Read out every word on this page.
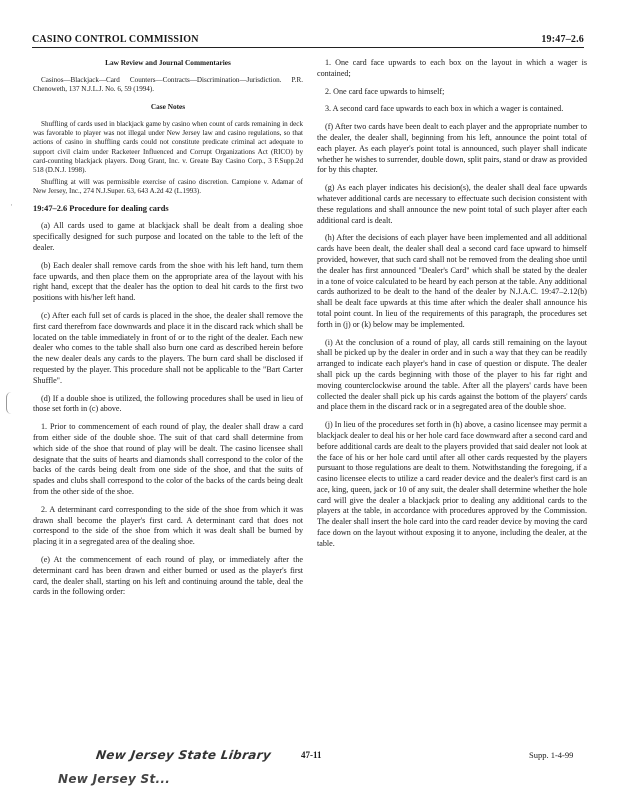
CASINO CONTROL COMMISSION	19:47–2.6
·

Law Review and Journal Commentaries

Casinos—Blackjack—Card Counters—Contracts—Discrimination—Jurisdiction. P.R. Chenoweth, 137 N.J.L.J. No. 6, 59 (1994).

Case Notes

Shuffling of cards used in blackjack game by casino when count of cards remaining in deck was favorable to player was not illegal under New Jersey law and casino regulations, so that actions of casino in shuffling cards could not constitute predicate criminal act adequate to support civil claim under Racketeer Influenced and Corrupt Organizations Act (RICO) by card-counting blackjack players. Doug Grant, Inc. v. Greate Bay Casino Corp., 3 F.Supp.2d 518 (D.N.J. 1998).

Shuffling at will was permissible exercise of casino discretion. Campione v. Adamar of New Jersey, Inc., 274 N.J.Super. 63, 643 A.2d 42 (L.1993).

19:47–2.6 Procedure for dealing cards

(a) All cards used to game at blackjack shall be dealt from a dealing shoe specifically designed for such purpose and located on the table to the left of the dealer.

(b) Each dealer shall remove cards from the shoe with his left hand, turn them face upwards, and then place them on the appropriate area of the layout with his right hand, except that the dealer has the option to deal hit cards to the first two positions with his/her left hand.

(c) After each full set of cards is placed in the shoe, the dealer shall remove the first card therefrom face downwards and place it in the discard rack which shall be located on the table immediately in front of or to the right of the dealer. Each new dealer who comes to the table shall also burn one card as described herein before the new dealer deals any cards to the players. The burn card shall be disclosed if requested by the player. This procedure shall not be applicable to the "Bart Carter Shuffle".

(d) If a double shoe is utilized, the following procedures shall be used in lieu of those set forth in (c) above.

1. Prior to commencement of each round of play, the dealer shall draw a card from either side of the double shoe. The suit of that card shall determine from which side of the shoe that round of play will be dealt. The casino licensee shall designate that the suits of hearts and diamonds shall correspond to the color of the backs of the cards being dealt from one side of the shoe, and that the suits of spades and clubs shall correspond to the color of the backs of the cards being dealt from the other side of the shoe.

2. A determinant card corresponding to the side of the shoe from which it was drawn shall become the player's first card. A determinant card that does not correspond to the side of the shoe from which it was dealt shall be burned by placing it in a segregated area of the dealing shoe.

(e) At the commencement of each round of play, or immediately after the determinant card has been drawn and either burned or used as the player's first card, the dealer shall, starting on his left and continuing around the table, deal the cards in the following order:

1. One card face upwards to each box on the layout in which a wager is contained;

2. One card face upwards to himself;

3. A second card face upwards to each box in which a wager is contained.

(f) After two cards have been dealt to each player and the appropriate number to the dealer, the dealer shall, beginning from his left, announce the point total of each player. As each player's point total is announced, such player shall indicate whether he wishes to surrender, double down, split pairs, stand or draw as provided for by this chapter.

(g) As each player indicates his decision(s), the dealer shall deal face upwards whatever additional cards are necessary to effectuate such decision consistent with these regulations and shall announce the new point total of such player after each additional card is dealt.

(h) After the decisions of each player have been implemented and all additional cards have been dealt, the dealer shall deal a second card face upward to himself provided, however, that such card shall not be removed from the dealing shoe until the dealer has first announced "Dealer's Card" which shall be stated by the dealer in a tone of voice calculated to be heard by each person at the table. Any additional cards authorized to be dealt to the hand of the dealer by N.J.A.C. 19:47–2.12(b) shall be dealt face upwards at this time after which the dealer shall announce his total point count. In lieu of the requirements of this paragraph, the procedures set forth in (j) or (k) below may be implemented.

(i) At the conclusion of a round of play, all cards still remaining on the layout shall be picked up by the dealer in order and in such a way that they can be readily arranged to indicate each player's hand in case of question or dispute. The dealer shall pick up the cards beginning with those of the player to his far right and moving counterclockwise around the table. After all the players' cards have been collected the dealer shall pick up his cards against the bottom of the players' cards and place them in the discard rack or in a segregated area of the double shoe.

(j) In lieu of the procedures set forth in (h) above, a casino licensee may permit a blackjack dealer to deal his or her hole card face downward after a second card and before additional cards are dealt to the players provided that said dealer not look at the face of his or her hole card until after all other cards requested by the players pursuant to those regulations are dealt to them. Notwithstanding the foregoing, if a casino licensee elects to utilize a card reader device and the dealer's first card is an ace, king, queen, jack or 10 of any suit, the dealer shall determine whether the hole card will give the dealer a blackjack prior to dealing any additional cards to the players at the table, in accordance with procedures approved by the Commission. The dealer shall insert the hole card into the card reader device by moving the card face down on the layout without exposing it to anyone, including the dealer, at the table.

New Jersey State Library
New Jersey St...
47-11	Supp. 1-4-99
